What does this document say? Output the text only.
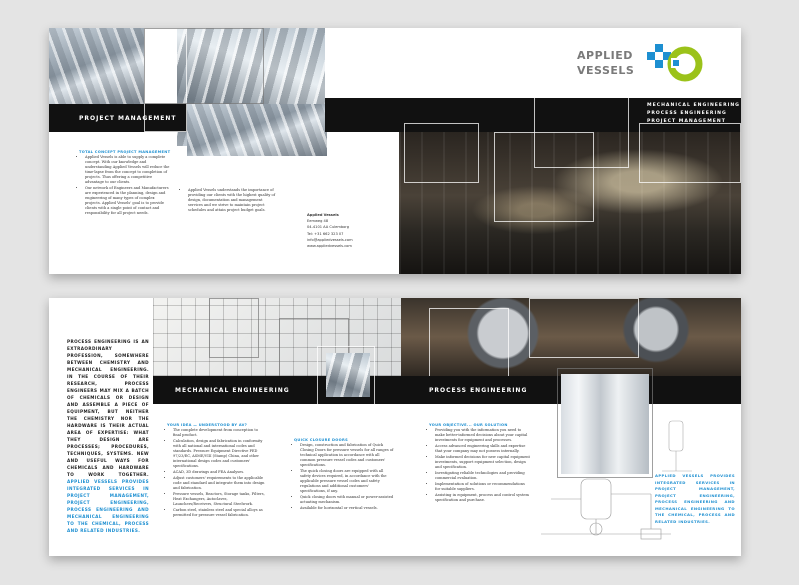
PROJECT MANAGEMENT
APPLIED
VESSELS
MECHANICAL ENGINEERING
PROCESS ENGINEERING
PROJECT MANAGEMENT
TOTAL CONCEPT PROJECT MANAGEMENT
• Applied Vessels is able to supply a complete concept. With our knowledge and understanding Applied Vessels will reduce the time-lapse from the concept to completion of projects. Thus offering a competitive advantage to our clients.
• Our network of Engineers and Manufacturers are experienced in the planning, design and engineering of many types of complex projects. Applied Vessels' goal is to provide clients with a single point of contact and responsibility for all project needs.
• Applied Vessels understands the importance of providing our clients with the highest quality of design, documentation and management services and we strive to maintain project schedules and attain project budget goals.
Applied Vessels
Eemweg 48
04-4101 AA Culemborg
Tel: +31 662 323 07
info@appliedvessels.com
www.appliedvessels.com
PROCESS ENGINEERING IS AN EXTRAORDINARY PROFESSION, SOMEWHERE BETWEEN CHEMISTRY AND MECHANICAL ENGINEERING. IN THE COURSE OF THEIR RESEARCH, PROCESS ENGINEERS MAY MIX A BATCH OF CHEMICALS OR DESIGN AND ASSEMBLE A PIECE OF EQUIPMENT, BUT NEITHER THE CHEMISTRY NOR THE HARDWARE IS THEIR ACTUAL AREA OF EXPERTISE: WHAT THEY DESIGN ARE PROCESSES; PROCEDURES, TECHNIQUES, SYSTEMS. NEW AND USEFUL WAYS FOR CHEMICALS AND HARDWARE TO WORK TOGETHER. APPLIED VESSELS PROVIDES INTEGRATED SERVICES IN PROJECT MANAGEMENT, PROJECT ENGINEERING, PROCESS ENGINEERING AND MECHANICAL ENGINEERING TO THE CHEMICAL, PROCESS AND RELATED INDUSTRIES.
MECHANICAL ENGINEERING	PROCESS ENGINEERING
YOUR IDEA — UNDERSTOOD BY AV?
• The complete development from conception to final product.
• Calculation, design and fabrication in conformity with all national and international codes and standards. Pressure Equipment Directive PED 97/23/EC, ASME/VIII (Stamp) China, and other international design codes and customers' specifications.
• ACAD, 3D drawings and FEA Analyses.
• Adjust customers' requirements to the applicable code and standard and integrate them into design and fabrication.
• Pressure vessels, Reactors, Storage tanks, Filters, Heat Exchangers, Autoclaves, Launchers/Receivers, Structural Steelwork.
• Carbon steel, stainless steel and special alloys as permitted for pressure vessel fabrication.
QUICK CLOSURE DOORS
• Design, construction and fabrication of Quick Closing Doors for pressure vessels for all ranges of technical application in accordance with all common pressure vessel codes and customers' specifications.
• The quick closing doors are equipped with all safety devices required, in accordance with the applicable pressure vessel codes and safety regulations and additional customers' specifications, if any.
• Quick closing doors with manual or power-assisted actuating mechanism.
• Available for horizontal or vertical vessels.
YOUR OBJECTIVE... OUR SOLUTION
• Providing you with the information you need to make better-informed decisions about your capital investments for equipment and processes.
• Access advanced engineering skills and expertise that your company may not possess internally.
• Make informed decisions for new capital equipment investments, support equipment selection, design and specification.
• Investigating reliable technologies and providing commercial evaluation.
• Implementation of solutions or recommendations for suitable suppliers.
• Assisting in equipment, process and control system specification and purchase.
APPLIED VESSELS PROVIDES INTEGRATED SERVICES IN PROJECT MANAGEMENT, PROJECT ENGINEERING, PROCESS ENGINEERING AND MECHANICAL ENGINEERING TO THE CHEMICAL, PROCESS AND RELATED INDUSTRIES.
